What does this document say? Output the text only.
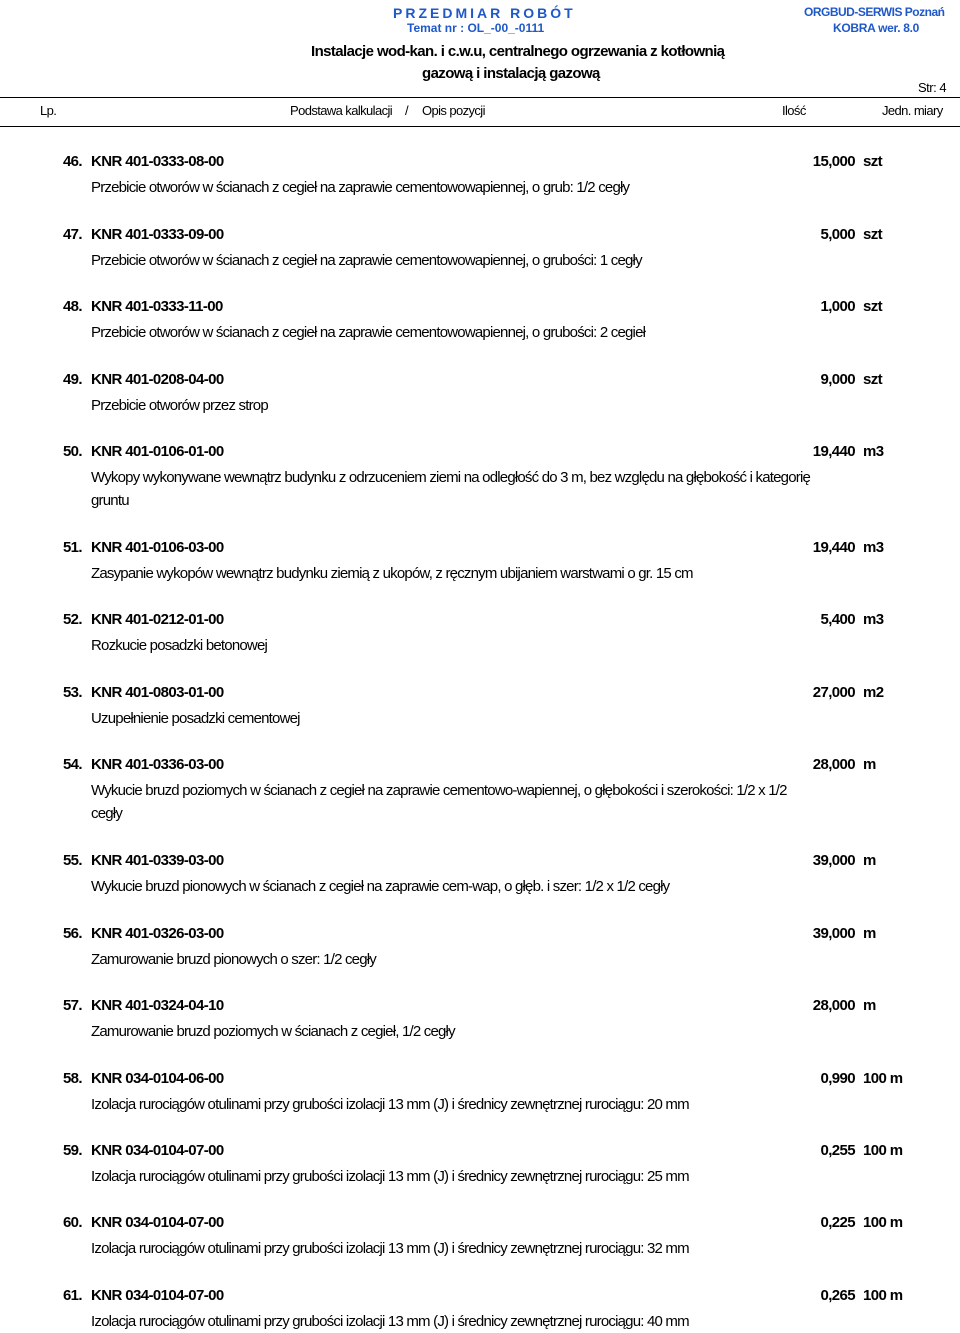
PRZEDMIAR ROBÓT
Temat nr : OL_-00_-0111
ORGBUD-SERWIS Poznań
KOBRA wer. 8.0
Instalacje wod-kan. i c.w.u, centralnego ogrzewania z kotłownią
gazową i instalacją gazową
Str: 4
Lp.	Podstawa kalkulacji / Opis pozycji	Ilość	Jedn. miary
46. KNR 401-0333-08-00	15,000 szt
Przebicie otworów w ścianach z cegieł na zaprawie cementowowapiennej, o grub: 1/2 cegły
47. KNR 401-0333-09-00	5,000 szt
Przebicie otworów w ścianach z cegieł na zaprawie cementowowapiennej, o grubości: 1 cegły
48. KNR 401-0333-11-00	1,000 szt
Przebicie otworów w ścianach z cegieł na zaprawie cementowowapiennej, o grubości: 2 cegieł
49. KNR 401-0208-04-00	9,000 szt
Przebicie otworów przez strop
50. KNR 401-0106-01-00	19,440 m3
Wykopy wykonywane wewnątrz budynku z odrzuceniem ziemi na odległość do 3 m, bez względu na głębokość i kategorię gruntu
51. KNR 401-0106-03-00	19,440 m3
Zasypanie wykopów wewnątrz budynku ziemią z ukopów, z ręcznym ubijaniem warstwami o gr. 15 cm
52. KNR 401-0212-01-00	5,400 m3
Rozkucie posadzki betonowej
53. KNR 401-0803-01-00	27,000 m2
Uzupełnienie posadzki cementowej
54. KNR 401-0336-03-00	28,000 m
Wykucie bruzd poziomych w ścianach z cegieł na zaprawie cementowo-wapiennej, o głębokości i szerokości: 1/2 x 1/2 cegły
55. KNR 401-0339-03-00	39,000 m
Wykucie bruzd pionowych w ścianach z cegieł na zaprawie cem-wap, o głęb. i szer: 1/2 x 1/2 cegły
56. KNR 401-0326-03-00	39,000 m
Zamurowanie bruzd pionowych o szer: 1/2 cegły
57. KNR 401-0324-04-10	28,000 m
Zamurowanie bruzd poziomych w ścianach z cegieł, 1/2 cegły
58. KNR 034-0104-06-00	0,990 100 m
Izolacja rurociągów otulinami przy grubości izolacji 13 mm (J) i średnicy zewnętrznej rurociągu: 20 mm
59. KNR 034-0104-07-00	0,255 100 m
Izolacja rurociągów otulinami przy grubości izolacji 13 mm (J) i średnicy zewnętrznej rurociągu: 25 mm
60. KNR 034-0104-07-00	0,225 100 m
Izolacja rurociągów otulinami przy grubości izolacji 13 mm (J) i średnicy zewnętrznej rurociągu: 32 mm
61. KNR 034-0104-07-00	0,265 100 m
Izolacja rurociągów otulinami przy grubości izolacji 13 mm (J) i średnicy zewnętrznej rurociągu: 40 mm
